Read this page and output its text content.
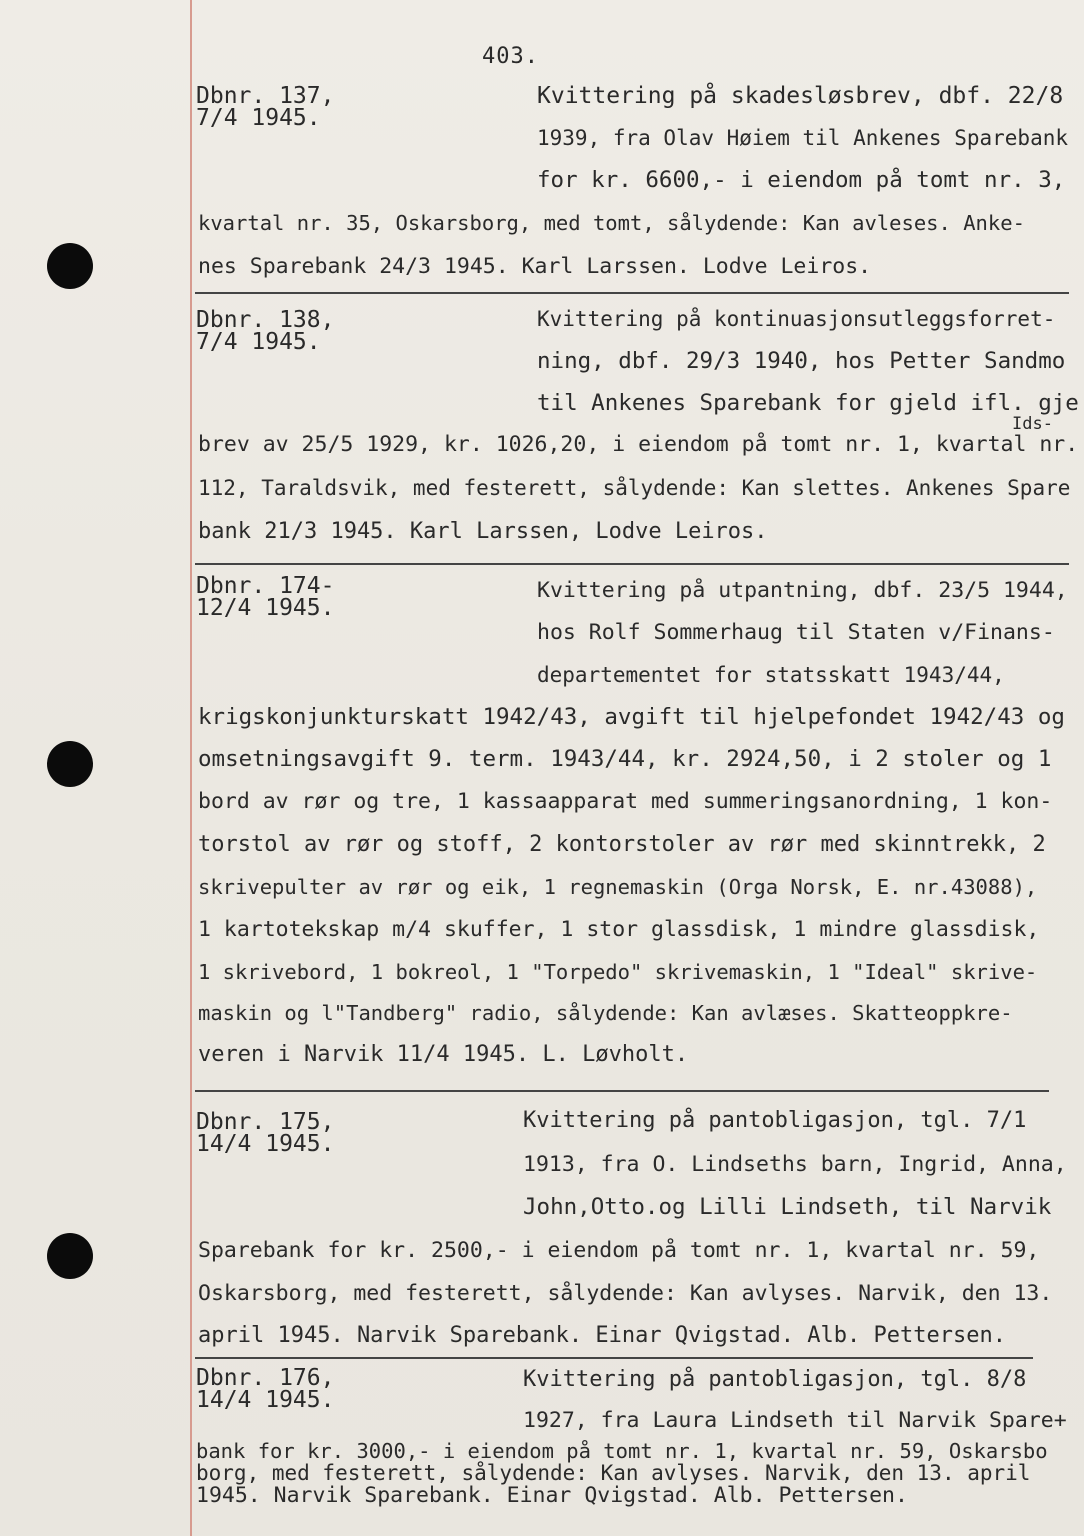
403.
Dbnr. 137,
7/4 1945.
Kvittering på skadesløsbrev, dbf. 22/8
1939, fra Olav Høiem til Ankenes Sparebank
for kr. 6600,- i eiendom på tomt nr. 3,
kvartal nr. 35, Oskarsborg, med tomt, sålydende: Kan avleses. Anke-
nes Sparebank 24/3 1945. Karl Larssen. Lodve Leiros.
Dbnr. 138,
7/4 1945.
Kvittering på kontinuasjonsutleggsforret-
ning, dbf. 29/3 1940, hos Petter Sandmo
til Ankenes Sparebank for gjeld ifl. gje
Ids-
brev av 25/5 1929, kr. 1026,20, i eiendom på tomt nr. 1, kvartal nr.
112, Taraldsvik, med festerett, sålydende: Kan slettes. Ankenes Spare
bank 21/3 1945. Karl Larssen, Lodve Leiros.
Dbnr. 174-
12/4 1945.
Kvittering på utpantning, dbf. 23/5 1944,
hos Rolf Sommerhaug til Staten v/Finans-
departementet for statsskatt 1943/44,
krigskonjunkturskatt 1942/43, avgift til hjelpefondet 1942/43 og
omsetningsavgift 9. term. 1943/44, kr. 2924,50, i 2 stoler og 1
bord av rør og tre, 1 kassaapparat med summeringsanordning, 1 kon-
torstol av rør og stoff, 2 kontorstoler av rør med skinntrekk, 2
skrivepulter av rør og eik, 1 regnemaskin (Orga Norsk, E. nr.43088),
1 kartotekskap m/4 skuffer, 1 stor glassdisk, 1 mindre glassdisk,
1 skrivebord, 1 bokreol, 1 "Torpedo" skrivemaskin, 1 "Ideal" skrive-
maskin og l"Tandberg" radio, sålydende: Kan avlæses. Skatteoppkre-
veren i Narvik 11/4 1945. L. Løvholt.
Dbnr. 175,
14/4 1945.
Kvittering på pantobligasjon, tgl. 7/1
1913, fra O. Lindseths barn, Ingrid, Anna,
John,Otto.og Lilli Lindseth, til Narvik
Sparebank for kr. 2500,- i eiendom på tomt nr. 1, kvartal nr. 59,
Oskarsborg, med festerett, sålydende: Kan avlyses. Narvik, den 13.
april 1945. Narvik Sparebank. Einar Qvigstad. Alb. Pettersen.
Dbnr. 176,
14/4 1945.
Kvittering på pantobligasjon, tgl. 8/8
1927, fra Laura Lindseth til Narvik Spare+
bank for kr. 3000,- i eiendom på tomt nr. 1, kvartal nr. 59, Oskarsbo
borg, med festerett, sålydende: Kan avlyses. Narvik, den 13. april
1945. Narvik Sparebank. Einar Qvigstad. Alb. Pettersen.
